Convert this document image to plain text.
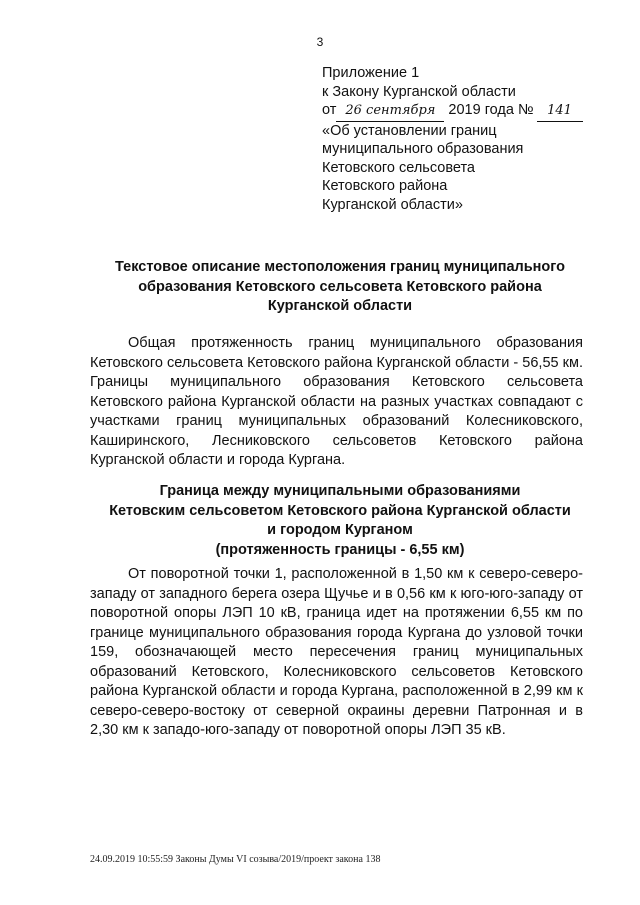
3
Приложение 1
к Закону Курганской области
от 26 сентября 2019 года № 141
«Об установлении границ
муниципального образования
Кетовского сельсовета
Кетовского района
Курганской области»
Текстовое описание местоположения границ муниципального
образования Кетовского сельсовета Кетовского района
Курганской области

Общая протяженность границ муниципального образования Кетовского сельсовета Кетовского района Курганской области - 56,55 км. Границы муниципального образования Кетовского сельсовета Кетовского района Курганской области на разных участках совпадают с участками границ муниципальных образований Колесниковского, Каширинского, Лесниковского сельсоветов Кетовского района Курганской области и города Кургана.

Граница между муниципальными образованиями
Кетовским сельсоветом Кетовского района Курганской области
и городом Курганом
(протяженность границы - 6,55 км)

От поворотной точки 1, расположенной в 1,50 км к северо-северо-западу от западного берега озера Щучье и в 0,56 км к юго-юго-западу от поворотной опоры ЛЭП 10 кВ, граница идет на протяжении 6,55 км по границе муниципального образования города Кургана до узловой точки 159, обозначающей место пересечения границ муниципальных образований Кетовского, Колесниковского сельсоветов Кетовского района Курганской области и города Кургана, расположенной в 2,99 км к северо-северо-востоку от северной окраины деревни Патронная и в 2,30 км к западо-юго-западу от поворотной опоры ЛЭП 35 кВ.

24.09.2019 10:55:59 Законы Думы VI созыва/2019/проект закона 138
